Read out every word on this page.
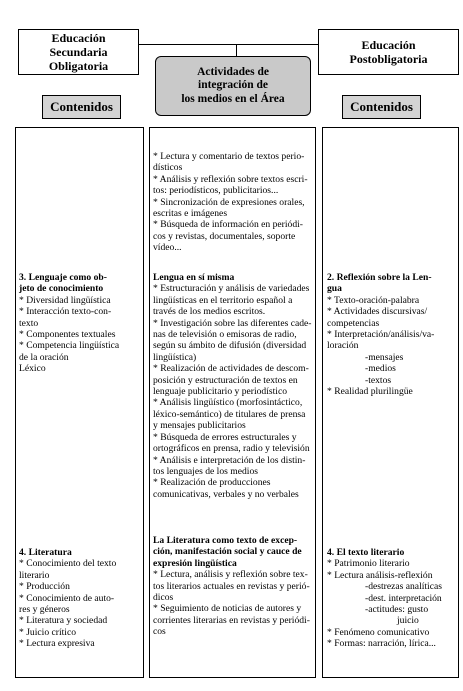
Educación Secundaria
Obligatoria
Educación Postobligatoria
Actividades de
integración de
los medios en el Área
Contenidos	Contenidos
3. Lenguaje como ob-
jeto de conocimiento
* Diversidad lingüística
* Interacción texto-con-
texto
* Componentes textuales
* Competencia lingüística
de la oración
Léxico
4. Literatura
* Conocimiento del texto
literario
* Producción
* Conocimiento de auto-
res y géneros
* Literatura y sociedad
* Juicio crítico
* Lectura expresiva
* Lectura y comentario de textos perio-
dísticos
* Análisis y reflexión sobre textos escri-
tos: periodísticos, publicitarios...
* Sincronización de expresiones orales,
escritas e imágenes
* Búsqueda de información en periódi-
cos y revistas, documentales, soporte
vídeo...
Lengua en sí misma
* Estructuración y análisis de variedades
lingüísticas en el territorio español a
través de los medios escritos.
* Investigación sobre las diferentes cade-
nas de televisión o emisoras de radio,
según su ámbito de difusión (diversidad
lingüística)
* Realización de actividades de descom-
posición y estructuración de textos en
lenguaje publicitario y periodístico
* Análisis lingüístico (morfosintáctico,
léxico-semántico) de titulares de prensa
y mensajes publicitarios
* Búsqueda de errores estructurales y
ortográficos en prensa, radio y televisión
* Análisis e interpretación de los distin-
tos lenguajes de los medios
* Realización de producciones
comunicativas, verbales y no verbales
La Literatura como texto de excep-
ción, manifestación social y cauce de
expresión lingüística
* Lectura, análisis y reflexión sobre tex-
tos literarios actuales en revistas y perió-
dicos
* Seguimiento de noticias de autores y
corrientes literarias en revistas y periódi-
cos
2. Reflexión sobre la Len-
gua
* Texto-oración-palabra
* Actividades discursivas/
competencias
* Interpretación/análisis/va-
loración
-mensajes
-medios
-textos
* Realidad plurilingüe
4. El texto literario
* Patrimonio literario
* Lectura análisis-reflexión
-destrezas analíticas
-dest. interpretación
-actitudes: gusto
juicio
* Fenómeno comunicativo
* Formas: narración, lírica...
